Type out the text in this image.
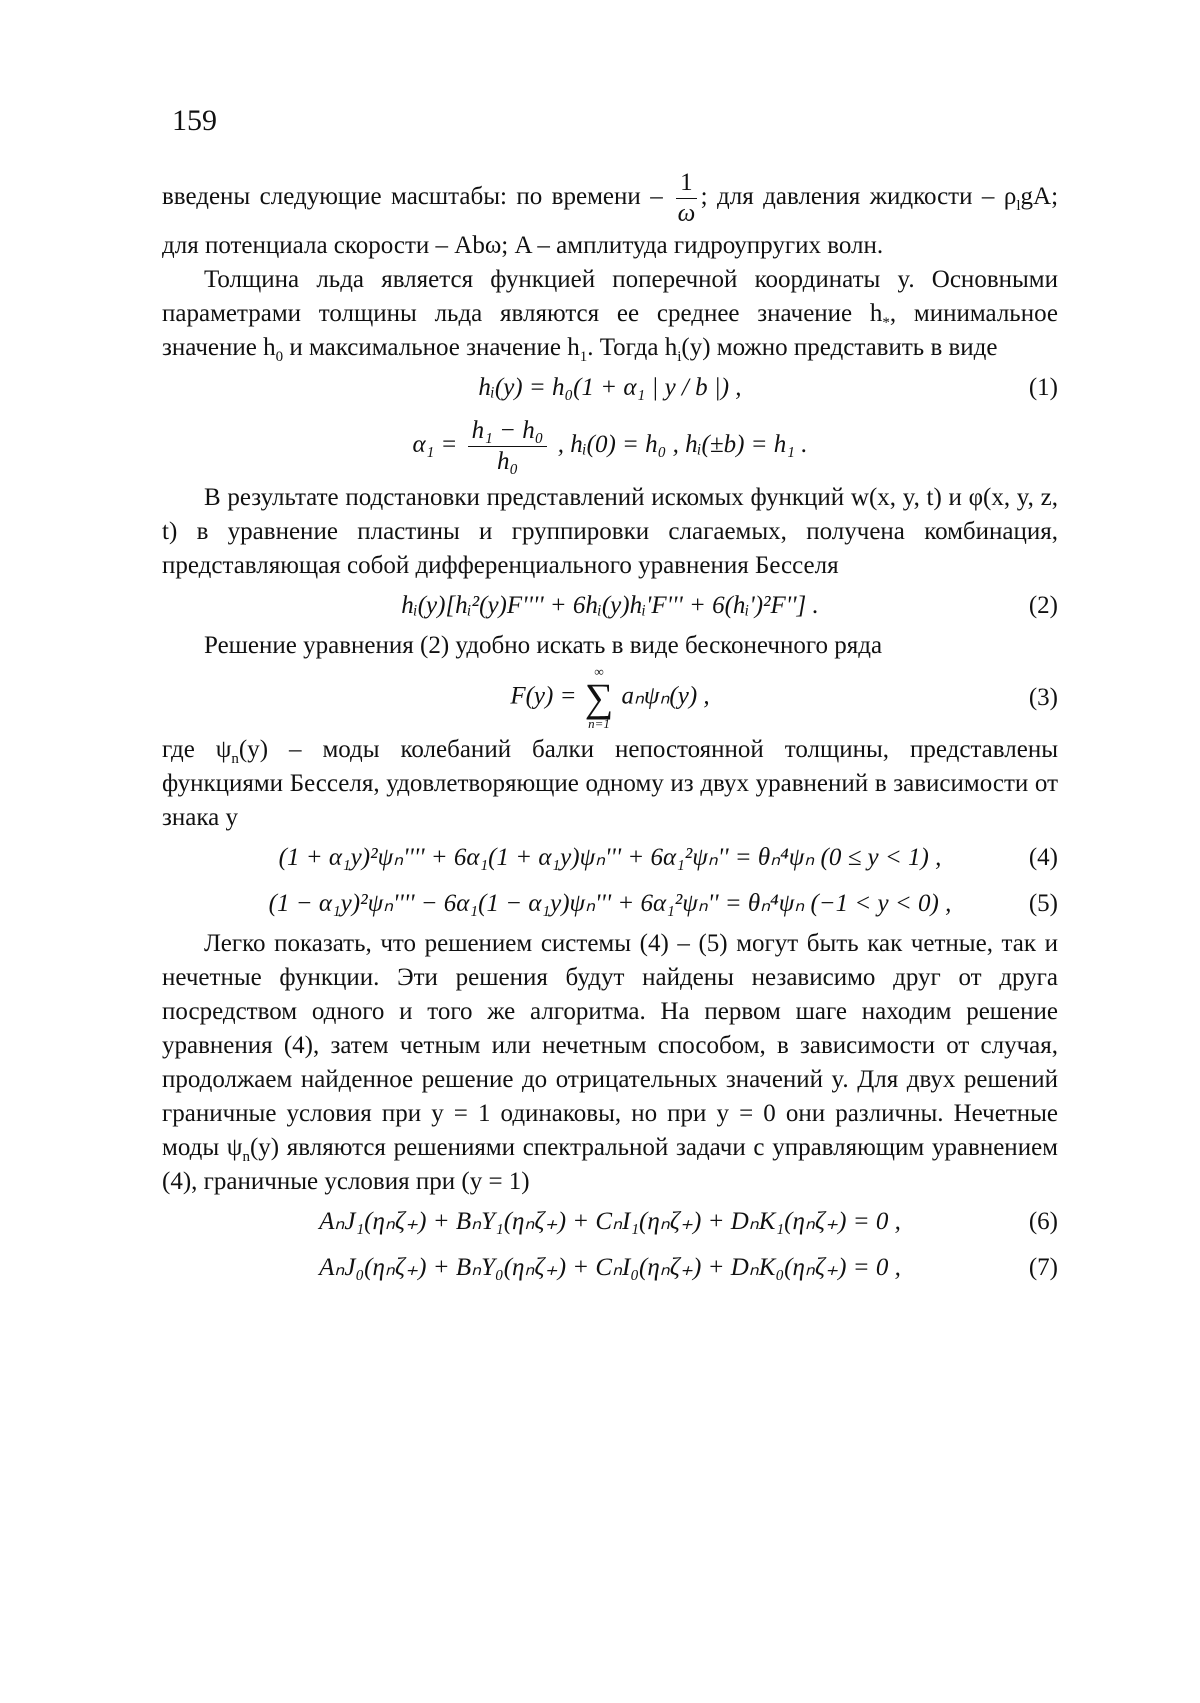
159

введены следующие масштабы: по времени – $\frac{1}{\omega}$ ; для давления жидкости – $\rho_lgA$; для потенциала скорости – Abω; A – амплитуда гидроупругих волн.

Толщина льда является функцией поперечной координаты y. Основными параметрами толщины льда являются ее среднее значение $h_*$, минимальное значение $h_0$ и максимальное значение $h_1$. Тогда $h_i(y)$ можно представить в виде

hᵢ(y) = h₀(1 + α₁ | y / b |) ,	(1)
$\alpha_1 = \frac{\text{h₁ − h₀}}{\text{h₀}}$ , hᵢ(0) = h₀ , hᵢ(±b) = h₁ .

В результате подстановки представлений искомых функций w(x, y, t) и φ(x, y, z, t) в уравнение пластины и группировки слагаемых, получена комбинация, представляющая собой дифференциального уравнения Бесселя

hᵢ(y)[hᵢ²(y)F'''' + 6hᵢ(y)hᵢ'F''' + 6(hᵢ')²F''] .	(2)

Решение уравнения (2) удобно искать в виде бесконечного ряда

F(y) =
∞
∑
n=1
aₙψₙ(y) ,	(3)

где $\psi_n(y)$ – моды колебаний балки непостоянной толщины, представлены функциями Бесселя, удовлетворяющие одному из двух уравнений в зависимости от знака y

(1 + α₁y)²ψₙ'''' + 6α₁(1 + α₁y)ψₙ''' + 6α₁²ψₙ'' = θₙ⁴ψₙ (0 ≤ y < 1) ,	(4)
(1 − α₁y)²ψₙ'''' − 6α₁(1 − α₁y)ψₙ''' + 6α₁²ψₙ'' = θₙ⁴ψₙ (−1 < y < 0) ,	(5)

Легко показать, что решением системы (4) – (5) могут быть как четные, так и нечетные функции. Эти решения будут найдены независимо друг от друга посредством одного и того же алгоритма. На первом шаге находим решение уравнения (4), затем четным или нечетным способом, в зависимости от случая, продолжаем найденное решение до отрицательных значений y. Для двух решений граничные условия при y = 1 одинаковы, но при y = 0 они различны. Нечетные моды $\psi_n(y)$ являются решениями спектральной задачи с управляющим уравнением (4), граничные условия при (y = 1)

AₙJ₁(ηₙζ₊) + BₙY₁(ηₙζ₊) + CₙI₁(ηₙζ₊) + DₙK₁(ηₙζ₊) = 0 ,	(6)
AₙJ₀(ηₙζ₊) + BₙY₀(ηₙζ₊) + CₙI₀(ηₙζ₊) + DₙK₀(ηₙζ₊) = 0 ,	(7)
